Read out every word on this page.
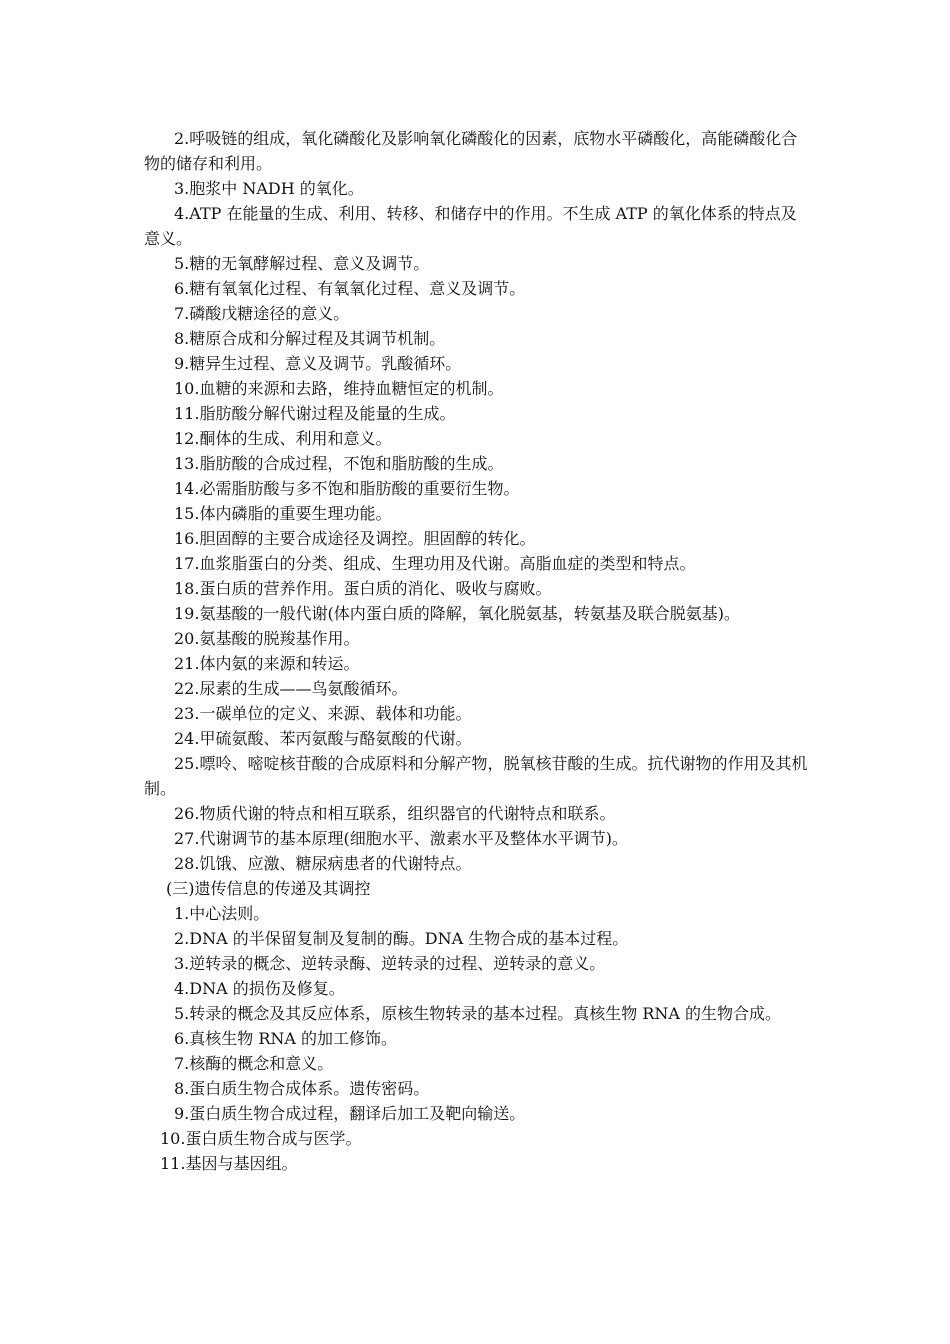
2.呼吸链的组成，氧化磷酸化及影响氧化磷酸化的因素，底物水平磷酸化，高能磷酸化合物的储存和利用。

3.胞浆中 NADH 的氧化。

4.ATP 在能量的生成、利用、转移、和储存中的作用。不生成 ATP 的氧化体系的特点及意义。

5.糖的无氧酵解过程、意义及调节。

6.糖有氧氧化过程、有氧氧化过程、意义及调节。

7.磷酸戊糖途径的意义。

8.糖原合成和分解过程及其调节机制。

9.糖异生过程、意义及调节。乳酸循环。

10.血糖的来源和去路，维持血糖恒定的机制。

11.脂肪酸分解代谢过程及能量的生成。

12.酮体的生成、利用和意义。

13.脂肪酸的合成过程，不饱和脂肪酸的生成。

14.必需脂肪酸与多不饱和脂肪酸的重要衍生物。

15.体内磷脂的重要生理功能。

16.胆固醇的主要合成途径及调控。胆固醇的转化。

17.血浆脂蛋白的分类、组成、生理功用及代谢。高脂血症的类型和特点。

18.蛋白质的营养作用。蛋白质的消化、吸收与腐败。

19.氨基酸的一般代谢(体内蛋白质的降解，氧化脱氨基，转氨基及联合脱氨基)。

20.氨基酸的脱羧基作用。

21.体内氨的来源和转运。

22.尿素的生成——鸟氨酸循环。

23.一碳单位的定义、来源、载体和功能。

24.甲硫氨酸、苯丙氨酸与酪氨酸的代谢。

25.嘌呤、嘧啶核苷酸的合成原料和分解产物，脱氧核苷酸的生成。抗代谢物的作用及其机制。

26.物质代谢的特点和相互联系，组织器官的代谢特点和联系。

27.代谢调节的基本原理(细胞水平、激素水平及整体水平调节)。

28.饥饿、应激、糖尿病患者的代谢特点。

(三)遗传信息的传递及其调控

1.中心法则。

2.DNA 的半保留复制及复制的酶。DNA 生物合成的基本过程。

3.逆转录的概念、逆转录酶、逆转录的过程、逆转录的意义。

4.DNA 的损伤及修复。

5.转录的概念及其反应体系，原核生物转录的基本过程。真核生物 RNA 的生物合成。

6.真核生物 RNA 的加工修饰。

7.核酶的概念和意义。

8.蛋白质生物合成体系。遗传密码。

9.蛋白质生物合成过程，翻译后加工及靶向输送。

10.蛋白质生物合成与医学。

11.基因与基因组。
